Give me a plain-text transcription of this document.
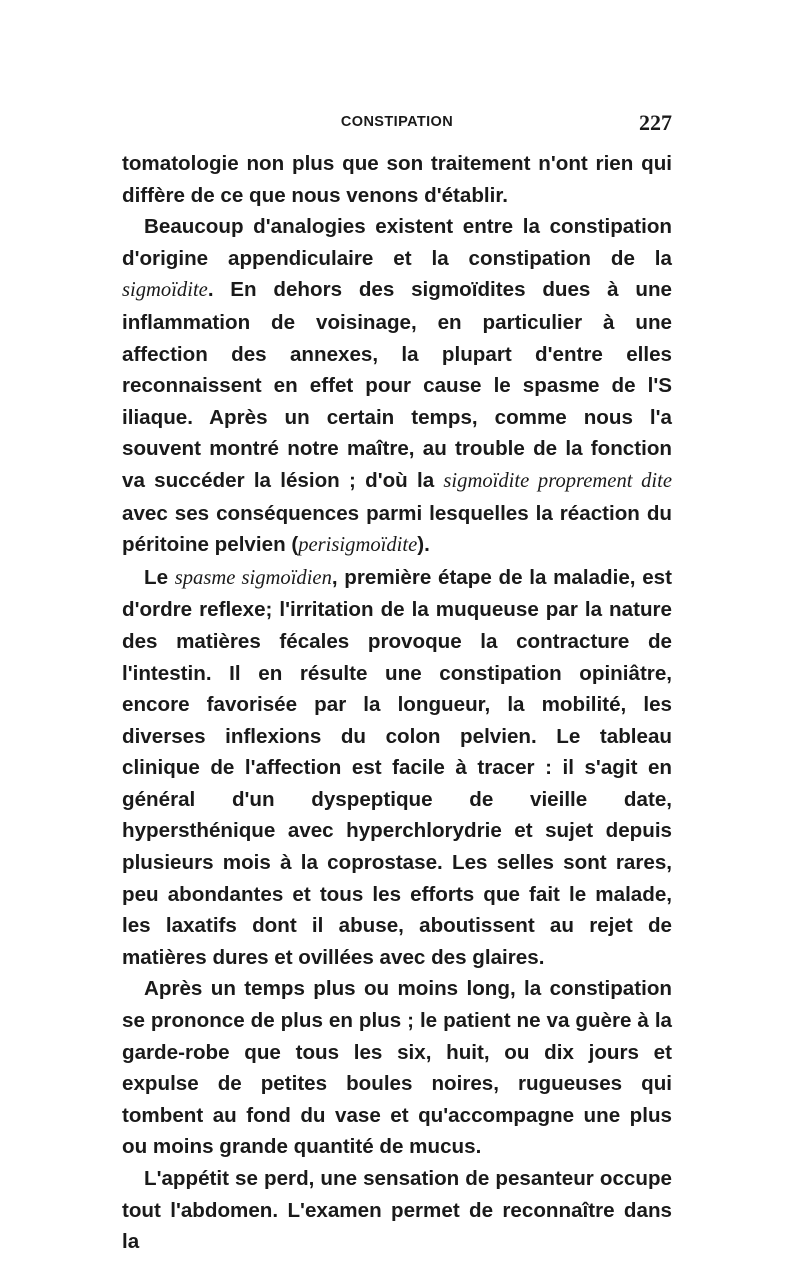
CONSTIPATION	227

tomatologie non plus que son traitement n'ont rien qui diffère de ce que nous venons d'établir.

Beaucoup d'analogies existent entre la constipation d'origine appendiculaire et la constipation de la sigmoïdite. En dehors des sigmoïdites dues à une inflammation de voisinage, en particulier à une affection des annexes, la plupart d'entre elles reconnaissent en effet pour cause le spasme de l'S iliaque. Après un certain temps, comme nous l'a souvent montré notre maître, au trouble de la fonction va succéder la lésion ; d'où la sigmoïdite proprement dite avec ses conséquences parmi lesquelles la réaction du péritoine pelvien (perisigmoïdite).

Le spasme sigmoïdien, première étape de la maladie, est d'ordre reflexe; l'irritation de la muqueuse par la nature des matières fécales provoque la contracture de l'intestin. Il en résulte une constipation opiniâtre, encore favorisée par la longueur, la mobilité, les diverses inflexions du colon pelvien. Le tableau clinique de l'affection est facile à tracer : il s'agit en général d'un dyspeptique de vieille date, hypersthénique avec hyperchlorydrie et sujet depuis plusieurs mois à la coprostase. Les selles sont rares, peu abondantes et tous les efforts que fait le malade, les laxatifs dont il abuse, aboutissent au rejet de matières dures et ovillées avec des glaires.

Après un temps plus ou moins long, la constipation se prononce de plus en plus ; le patient ne va guère à la garde-robe que tous les six, huit, ou dix jours et expulse de petites boules noires, rugueuses qui tombent au fond du vase et qu'accompagne une plus ou moins grande quantité de mucus.

L'appétit se perd, une sensation de pesanteur occupe tout l'abdomen. L'examen permet de reconnaître dans la
